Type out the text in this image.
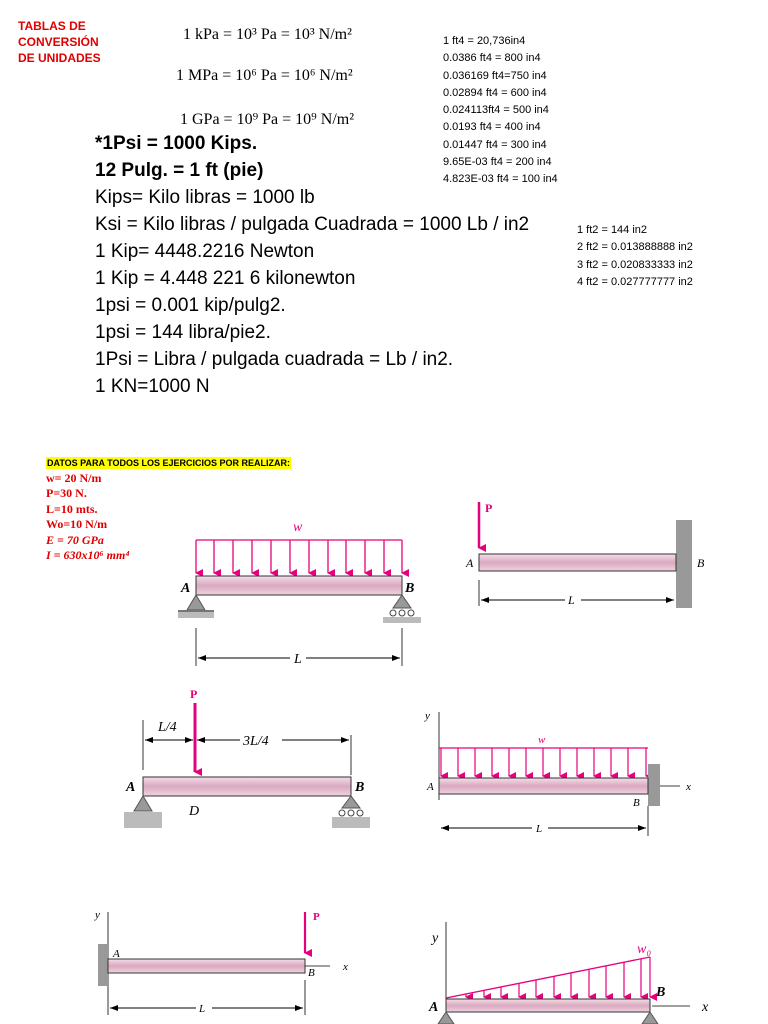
TABLAS DE
CONVERSIÓN
DE UNIDADES
1 kPa = 10³ Pa = 10³ N/m²
1 MPa = 10⁶ Pa = 10⁶ N/m²
1 GPa = 10⁹ Pa = 10⁹ N/m²
1 ft4 = 20,736in4
0.0386 ft4 = 800 in4
0.036169 ft4=750 in4
0.02894 ft4 = 600 in4
0.024113ft4 = 500 in4
0.0193 ft4 = 400 in4
0.01447 ft4 = 300 in4
9.65E-03 ft4 = 200 in4
4.823E-03 ft4 = 100 in4
1 ft2 = 144 in2
2 ft2 = 0.013888888 in2
3 ft2 = 0.020833333 in2
4 ft2 = 0.027777777 in2
*1Psi = 1000 Kips.
12 Pulg. = 1 ft (pie)
Kips= Kilo libras = 1000 lb
Ksi = Kilo libras / pulgada Cuadrada = 1000 Lb / in2
1 Kip= 4448.2216 Newton
1 Kip = 4.448 221 6 kilonewton
1psi = 0.001 kip/pulg2.
1psi = 144 libra/pie2.
1Psi = Libra / pulgada cuadrada = Lb / in2.
1 KN=1000 N
DATOS PARA TODOS LOS EJERCICIOS POR REALIZAR:
w= 20 N/m
P=30 N.
L=10 mts.
Wo=10 N/m
E = 70 GPa
I = 630x10⁶ mm⁴
w
A	B
L
P
A	B
L
L/4
3L/4
P
A	B
D
y
w
x
A
B
L
y
A
P
x
B
L
y
w₀
x
A
B
